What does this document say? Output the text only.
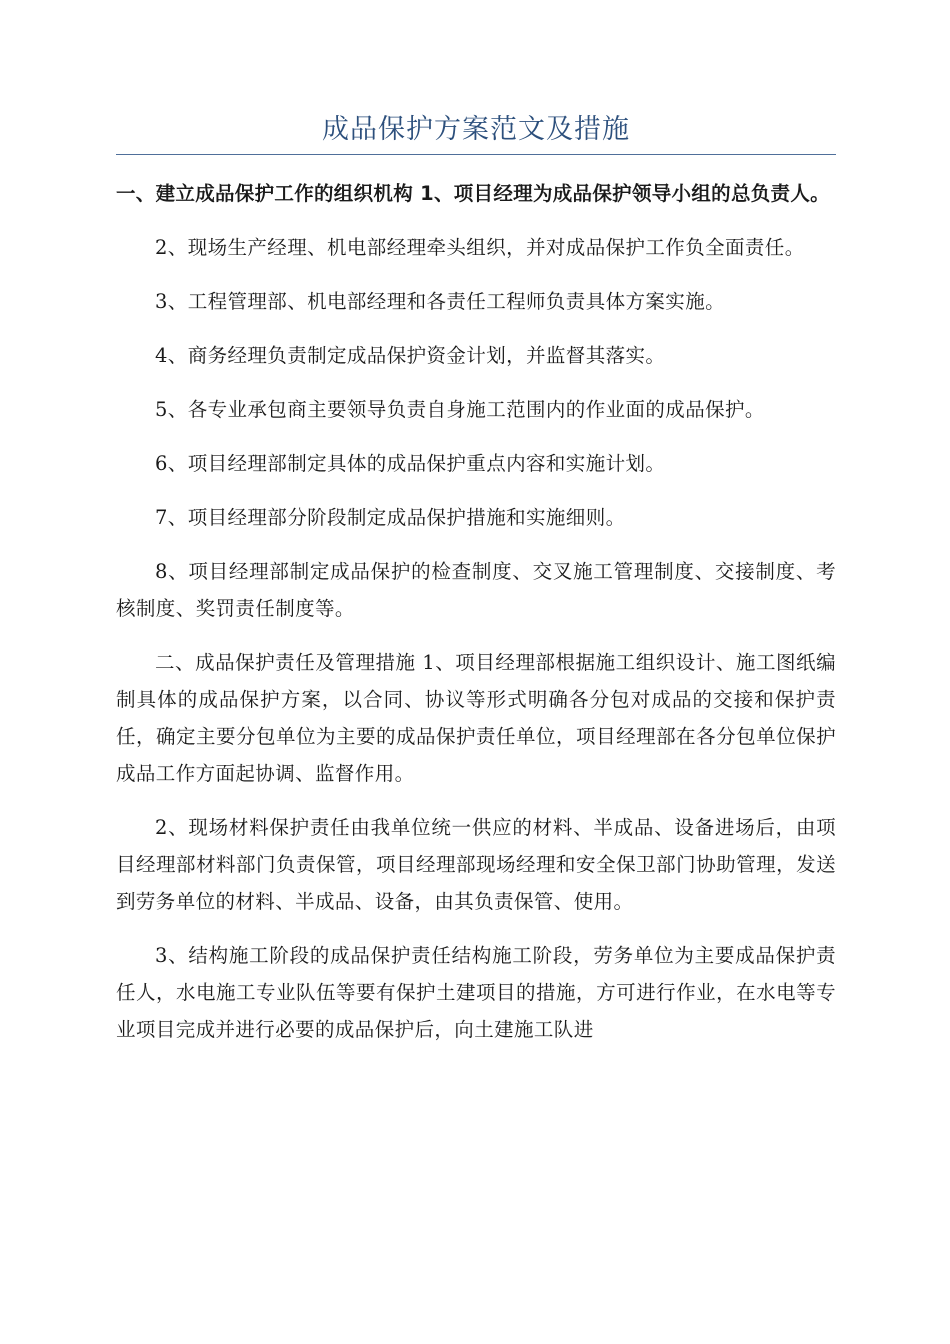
成品保护方案范文及措施

一、建立成品保护工作的组织机构 1、项目经理为成品保护领导小组的总负责人。

2、现场生产经理、机电部经理牵头组织，并对成品保护工作负全面责任。

3、工程管理部、机电部经理和各责任工程师负责具体方案实施。

4、商务经理负责制定成品保护资金计划，并监督其落实。

5、各专业承包商主要领导负责自身施工范围内的作业面的成品保护。

6、项目经理部制定具体的成品保护重点内容和实施计划。

7、项目经理部分阶段制定成品保护措施和实施细则。

8、项目经理部制定成品保护的检查制度、交叉施工管理制度、交接制度、考核制度、奖罚责任制度等。

二、成品保护责任及管理措施 1、项目经理部根据施工组织设计、施工图纸编制具体的成品保护方案，以合同、协议等形式明确各分包对成品的交接和保护责任，确定主要分包单位为主要的成品保护责任单位，项目经理部在各分包单位保护成品工作方面起协调、监督作用。

2、现场材料保护责任由我单位统一供应的材料、半成品、设备进场后，由项目经理部材料部门负责保管，项目经理部现场经理和安全保卫部门协助管理，发送到劳务单位的材料、半成品、设备，由其负责保管、使用。

3、结构施工阶段的成品保护责任结构施工阶段，劳务单位为主要成品保护责任人，水电施工专业队伍等要有保护土建项目的措施，方可进行作业，在水电等专业项目完成并进行必要的成品保护后，向土建施工队进
